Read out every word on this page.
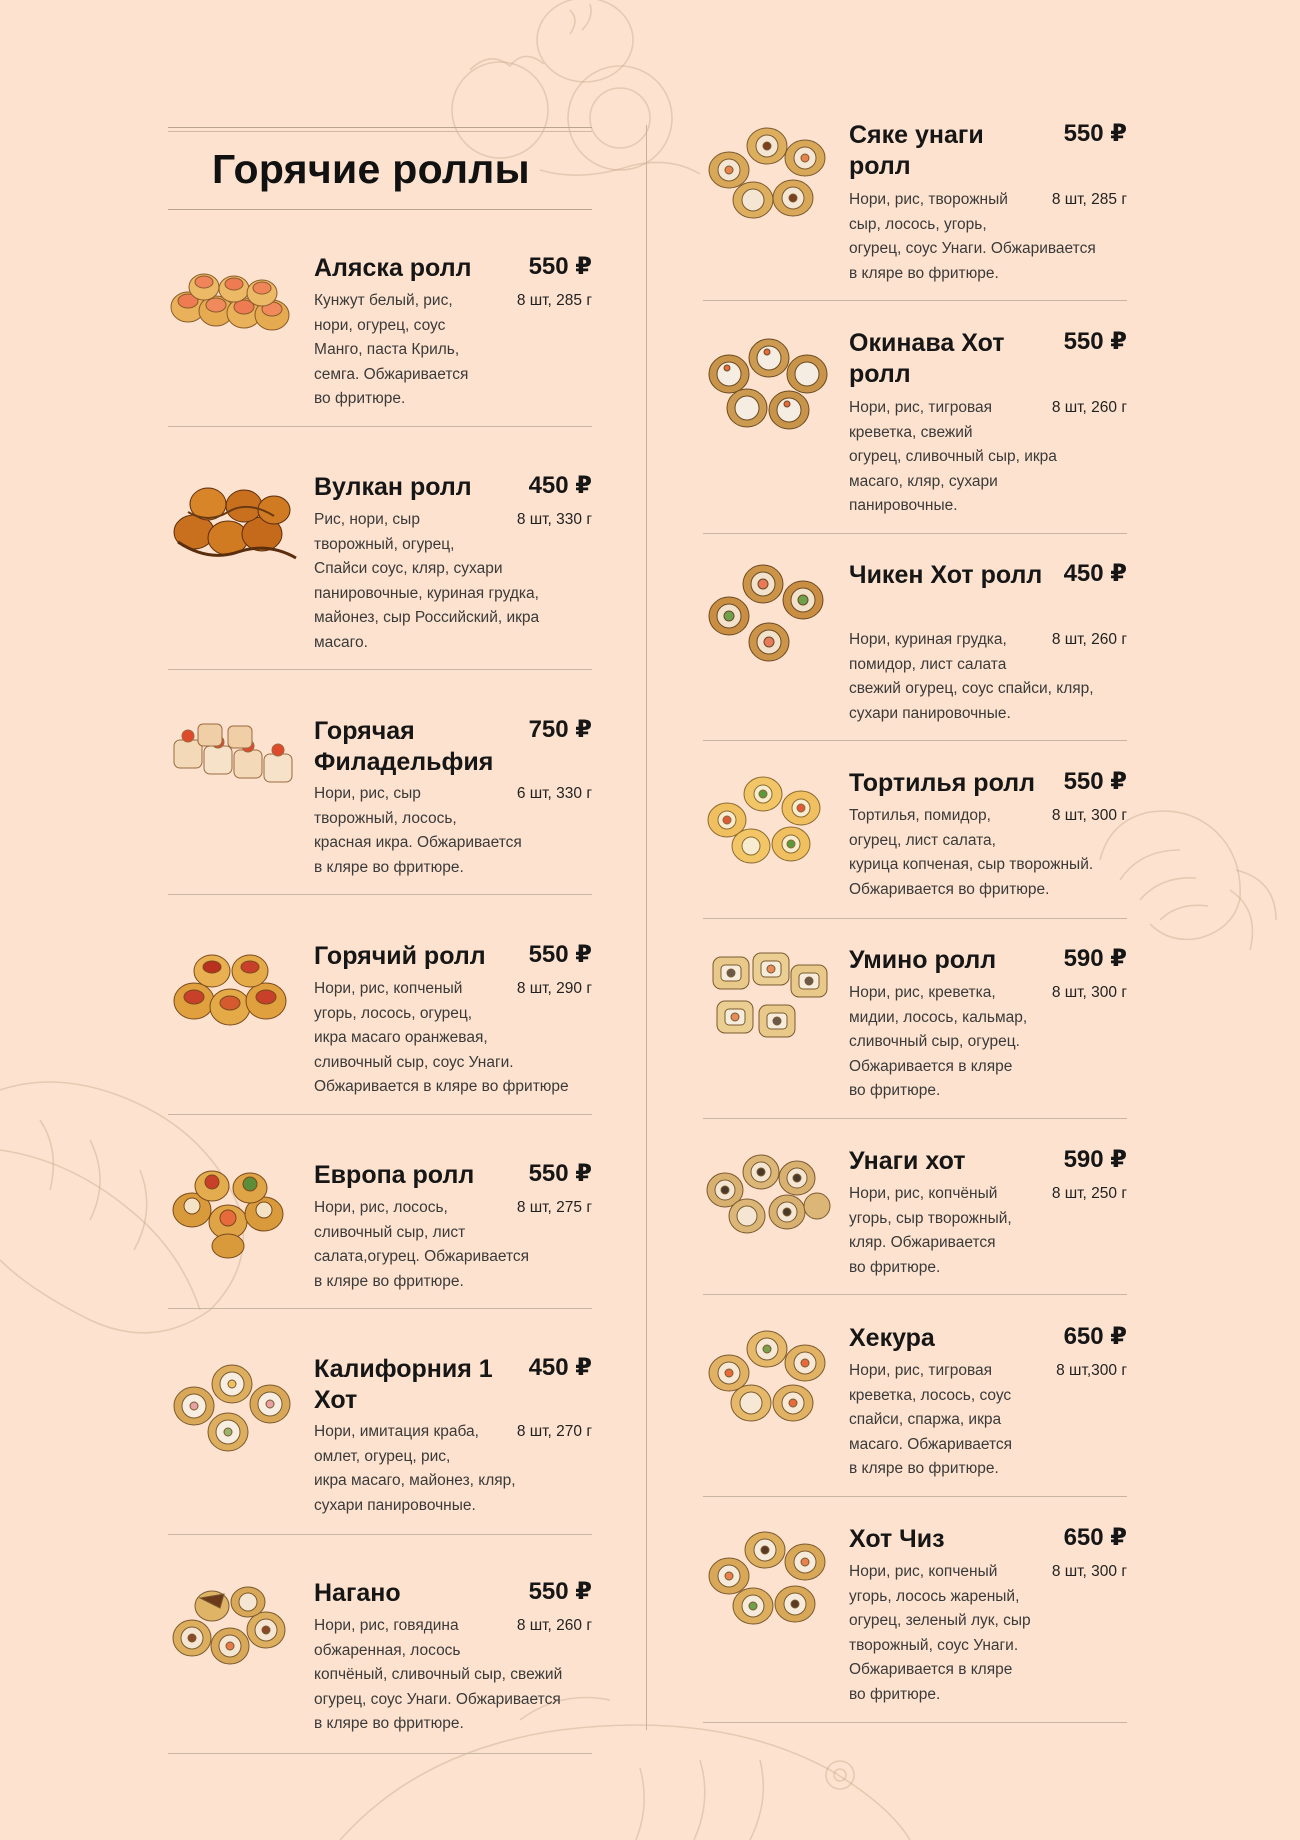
Горячие роллы
Аляска ролл	550 ₽
8 шт, 285 г

Кунжут белый, рис,
нори, огурец, соус
Манго, паста Криль,
семга. Обжаривается
во фритюре.

Вулкан ролл	450 ₽
8 шт, 330 г

Рис, нори, сыр
творожный, огурец,
Спайси соус, кляр, сухари
панировочные, куриная грудка,
майонез, сыр Российский, икра
масаго.

Горячая Филадельфия
750 ₽
6 шт, 330 г

Нори, рис, сыр
творожный, лосось,
красная икра. Обжаривается
в кляре во фритюре.

Горячий ролл	550 ₽
8 шт, 290 г

Нори, рис, копченый
угорь, лосось, огурец,
икра масаго оранжевая,
сливочный сыр, соус Унаги.
Обжаривается в кляре во фритюре

Европа ролл	550 ₽
8 шт, 275 г

Нори, рис, лосось,
сливочный сыр, лист
салата,огурец. Обжаривается
в кляре во фритюре.

Калифорния 1 Хот
450 ₽
8 шт, 270 г

Нори, имитация краба,
омлет, огурец, рис,
икра масаго, майонез, кляр,
сухари панировочные.

Нагано	550 ₽
8 шт, 260 г

Нори, рис, говядина
обжаренная, лосось
копчёный, сливочный сыр, свежий
огурец, соус Унаги. Обжаривается
в кляре во фритюре.

Сяке унаги ролл
550 ₽
8 шт, 285 г

Нори, рис, творожный
сыр, лосось, угорь,
огурец, соус Унаги. Обжаривается
в кляре во фритюре.

Окинава Хот ролл
550 ₽
8 шт, 260 г

Нори, рис, тигровая
креветка, свежий
огурец, сливочный сыр, икра
масаго, кляр, сухари
панировочные.

Чикен Хот ролл 450 ₽
8 шт, 260 г

Нори, куриная грудка,
помидор, лист салата
свежий огурец, соус спайси, кляр,
сухари панировочные.

Тортилья ролл	550 ₽
8 шт, 300 г

Тортилья, помидор,
огурец, лист салата,
курица копченая, сыр творожный.
Обжаривается во фритюре.

Умино ролл	590 ₽
8 шт, 300 г

Нори, рис, креветка,
мидии, лосось, кальмар,
сливочный сыр, огурец.
Обжаривается в кляре
во фритюре.

Унаги хот	590 ₽
8 шт, 250 г

Нори, рис, копчёный
угорь, сыр творожный,
кляр. Обжаривается
во фритюре.

Хекура	650 ₽
8 шт,300 г

Нори, рис, тигровая
креветка, лосось, соус
спайси, спаржа, икра
масаго. Обжаривается
в кляре во фритюре.

Хот Чиз	650 ₽
8 шт, 300 г

Нори, рис, копченый
угорь, лосось жареный,
огурец, зеленый лук, сыр
творожный, соус Унаги.
Обжаривается в кляре
во фритюре.
